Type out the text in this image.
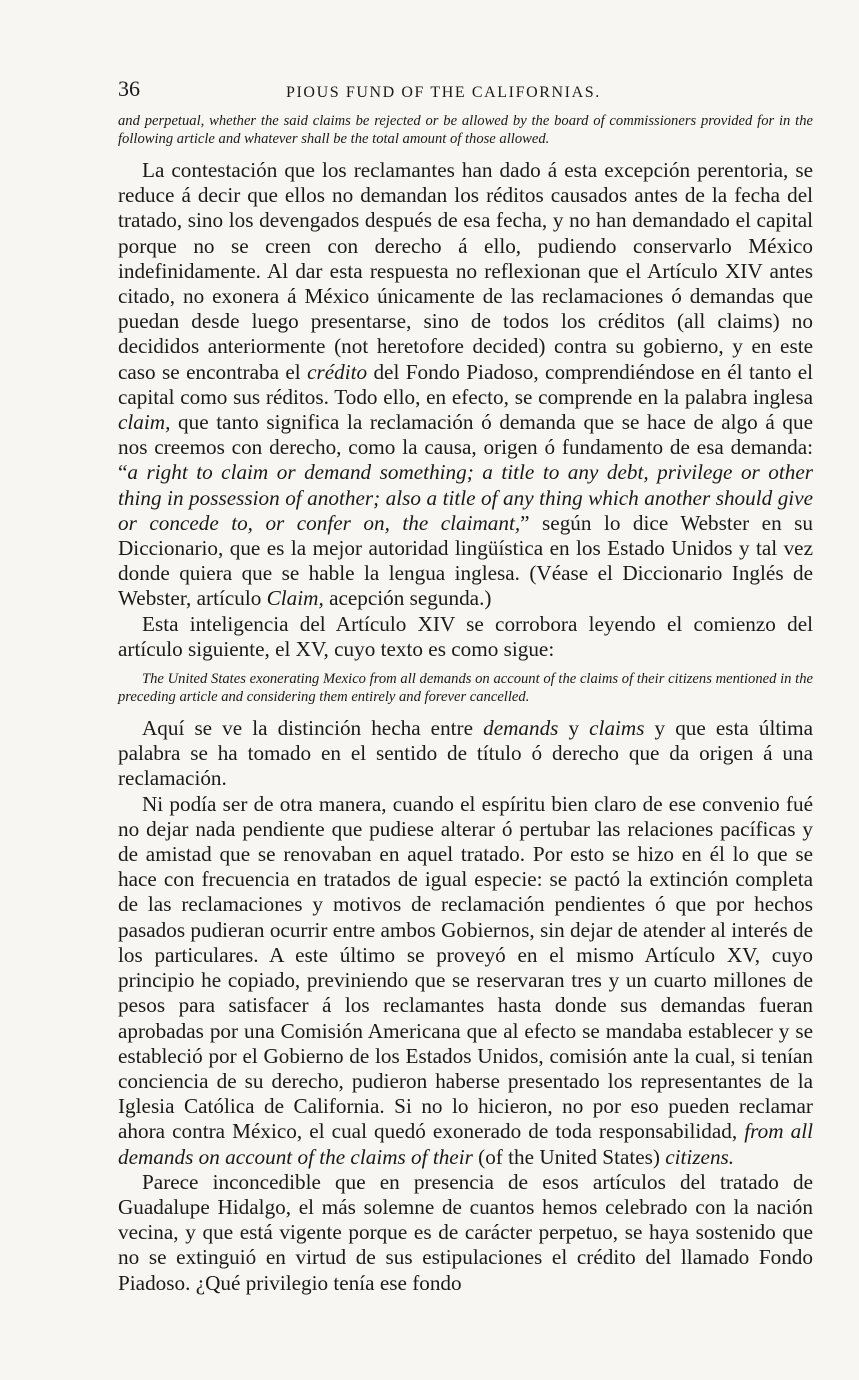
36	PIOUS FUND OF THE CALIFORNIAS.

and perpetual, whether the said claims be rejected or be allowed by the board of commissioners provided for in the following article and whatever shall be the total amount of those allowed.

La contestación que los reclamantes han dado á esta excepción perentoria, se reduce á decir que ellos no demandan los réditos causados antes de la fecha del tratado, sino los devengados después de esa fecha, y no han demandado el capital porque no se creen con derecho á ello, pudiendo conservarlo México indefinidamente. Al dar esta respuesta no reflexionan que el Artículo XIV antes citado, no exonera á México únicamente de las reclamaciones ó demandas que puedan desde luego presentarse, sino de todos los créditos (all claims) no decididos anteriormente (not heretofore decided) contra su gobierno, y en este caso se encontraba el crédito del Fondo Piadoso, comprendiéndose en él tanto el capital como sus réditos. Todo ello, en efecto, se comprende en la palabra inglesa claim, que tanto significa la reclamación ó demanda que se hace de algo á que nos creemos con derecho, como la causa, origen ó fundamento de esa demanda: “a right to claim or demand something; a title to any debt, privilege or other thing in possession of another; also a title of any thing which another should give or concede to, or confer on, the claimant,” según lo dice Webster en su Diccionario, que es la mejor autoridad lingüística en los Estado Unidos y tal vez donde quiera que se hable la lengua inglesa. (Véase el Diccionario Inglés de Webster, artículo Claim, acepción segunda.)

Esta inteligencia del Artículo XIV se corrobora leyendo el comienzo del artículo siguiente, el XV, cuyo texto es como sigue:

The United States exonerating Mexico from all demands on account of the claims of their citizens mentioned in the preceding article and considering them entirely and forever cancelled.

Aquí se ve la distinción hecha entre demands y claims y que esta última palabra se ha tomado en el sentido de título ó derecho que da origen á una reclamación.

Ni podía ser de otra manera, cuando el espíritu bien claro de ese convenio fué no dejar nada pendiente que pudiese alterar ó pertubar las relaciones pacíficas y de amistad que se renovaban en aquel tratado. Por esto se hizo en él lo que se hace con frecuencia en tratados de igual especie: se pactó la extinción completa de las reclamaciones y motivos de reclamación pendientes ó que por hechos pasados pudieran ocurrir entre ambos Gobiernos, sin dejar de atender al interés de los particulares. A este último se proveyó en el mismo Artículo XV, cuyo principio he copiado, previniendo que se reservaran tres y un cuarto millones de pesos para satisfacer á los reclamantes hasta donde sus demandas fueran aprobadas por una Comisión Americana que al efecto se mandaba establecer y se estableció por el Gobierno de los Estados Unidos, comisión ante la cual, si tenían conciencia de su derecho, pudieron haberse presentado los representantes de la Iglesia Católica de California. Si no lo hicieron, no por eso pueden reclamar ahora contra México, el cual quedó exonerado de toda responsabilidad, from all demands on account of the claims of their (of the United States) citizens.

Parece inconcedible que en presencia de esos artículos del tratado de Guadalupe Hidalgo, el más solemne de cuantos hemos celebrado con la nación vecina, y que está vigente porque es de carácter perpetuo, se haya sostenido que no se extinguió en virtud de sus estipulaciones el crédito del llamado Fondo Piadoso. ¿Qué privilegio tenía ese fondo
